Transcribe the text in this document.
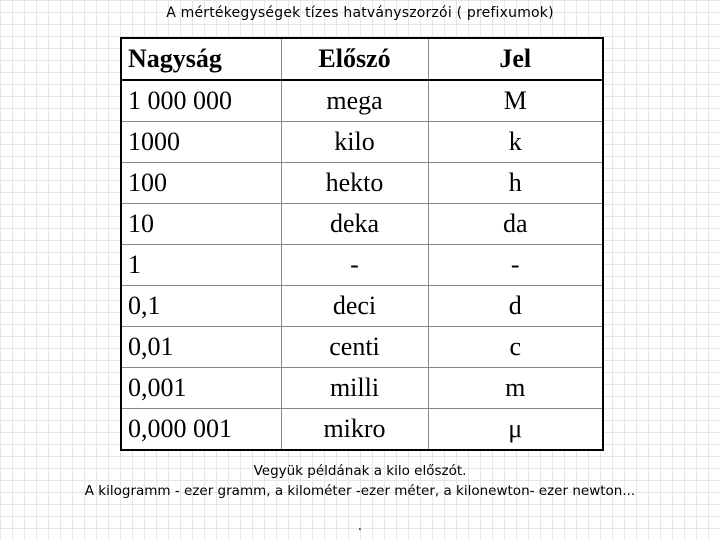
A mértékegységek tízes hatványszorzói ( prefixumok)
Nagyság	Előszó	Jel
1 000 000	mega	M
1000	kilo	k
100	hekto	h
10	deka	da
1	-	-
0,1	deci	d
0,01	centi	c
0,001	milli	m
0,000 001	mikro	μ
Vegyük példának a kilo előszót.
A kilogramm - ezer gramm, a kilométer -ezer méter, a kilonewton- ezer newton...
.
